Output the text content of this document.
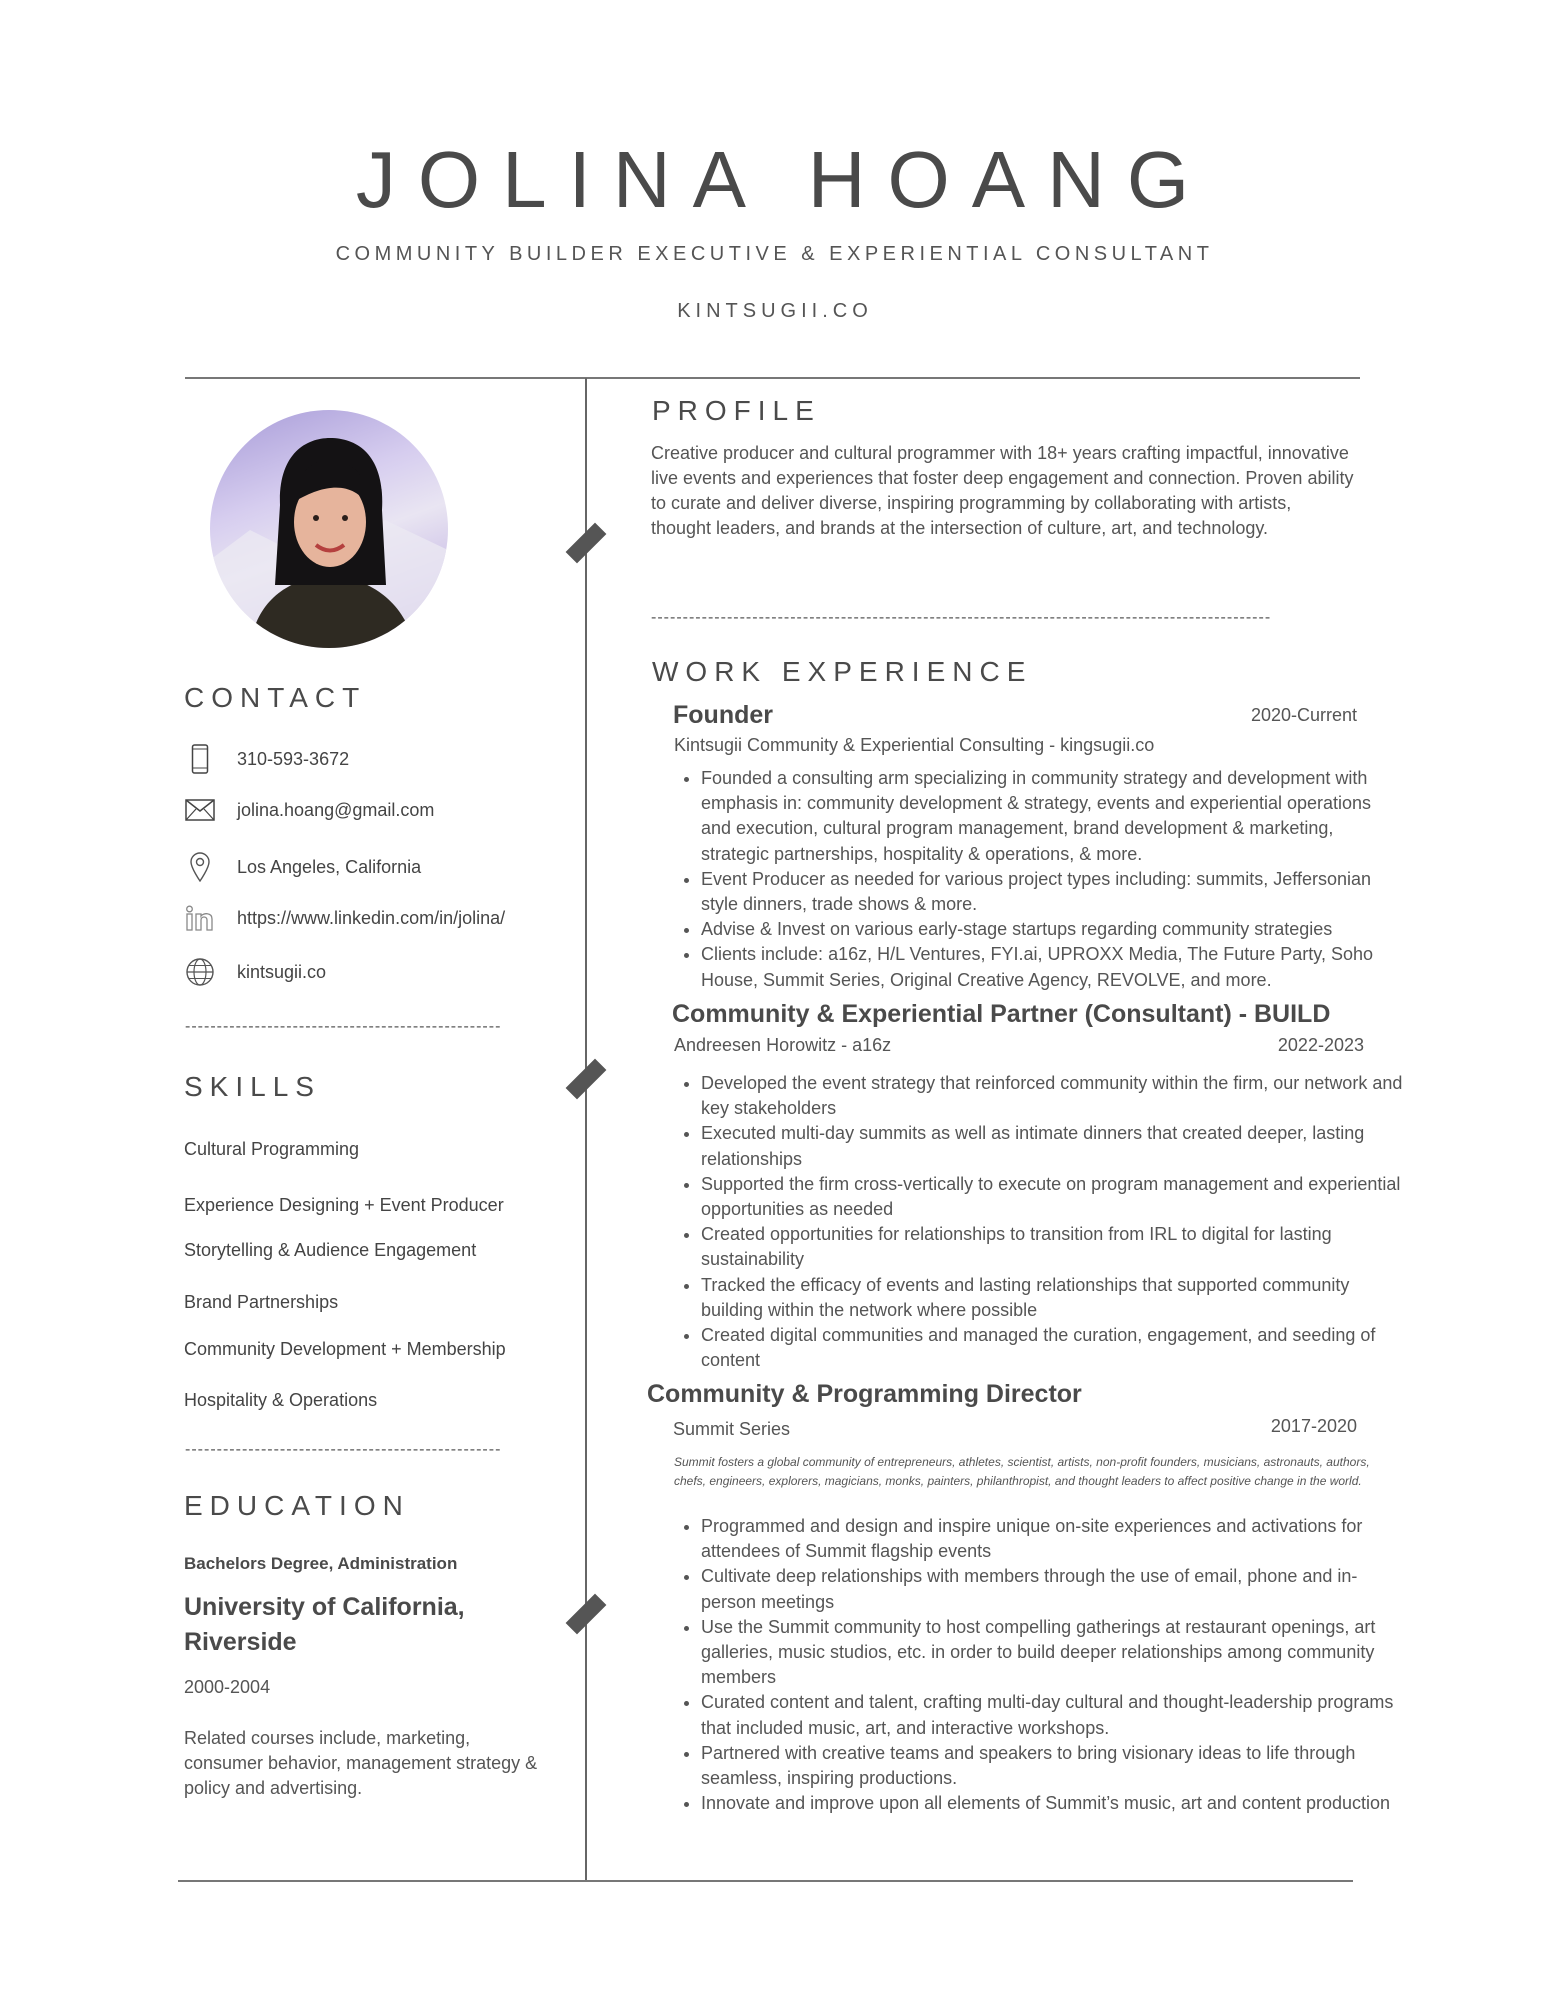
JOLINA HOANG
COMMUNITY BUILDER EXECUTIVE & EXPERIENTIAL CONSULTANT
KINTSUGII.CO
CONTACT
310-593-3672
jolina.hoang@gmail.com
Los Angeles, California
https://www.linkedin.com/in/jolina/
kintsugii.co
--------------------------------------------------
SKILLS
Cultural Programming
Experience Designing + Event Producer
Storytelling & Audience Engagement
Brand Partnerships
Community Development + Membership
Hospitality & Operations
--------------------------------------------------
EDUCATION
Bachelors Degree, Administration
University of California,
Riverside
2000-2004
Related courses include, marketing, consumer behavior, management strategy & policy and advertising.
PROFILE
Creative producer and cultural programmer with 18+ years crafting impactful, innovative live events and experiences that foster deep engagement and connection. Proven ability to curate and deliver diverse, inspiring programming by collaborating with artists, thought leaders, and brands at the intersection of culture, art, and technology.
--------------------------------------------------------------------------------------------------
WORK EXPERIENCE
Founder	2020-Current
Kintsugii Community & Experiential Consulting - kingsugii.co
• Founded a consulting arm specializing in community strategy and development with emphasis in: community development & strategy, events and experiential operations and execution, cultural program management, brand development & marketing, strategic partnerships, hospitality & operations, & more.
• Event Producer as needed for various project types including: summits, Jeffersonian style dinners, trade shows & more.
• Advise & Invest on various early-stage startups regarding community strategies
• Clients include: a16z, H/L Ventures, FYI.ai, UPROXX Media, The Future Party, Soho House, Summit Series, Original Creative Agency, REVOLVE, and more.
Community & Experiential Partner (Consultant) - BUILD
Andreesen Horowitz - a16z	2022-2023
• Developed the event strategy that reinforced community within the firm, our network and key stakeholders
• Executed multi-day summits as well as intimate dinners that created deeper, lasting relationships
• Supported the firm cross-vertically to execute on program management and experiential opportunities as needed
• Created opportunities for relationships to transition from IRL to digital for lasting sustainability
• Tracked the efficacy of events and lasting relationships that supported community building within the network where possible
• Created digital communities and managed the curation, engagement, and seeding of content
Community & Programming Director
2017-2020
Summit Series
Summit fosters a global community of entrepreneurs, athletes, scientist, artists, non-profit founders, musicians, astronauts, authors, chefs, engineers, explorers, magicians, monks, painters, philanthropist, and thought leaders to affect positive change in the world.
• Programmed and design and inspire unique on-site experiences and activations for attendees of Summit flagship events
• Cultivate deep relationships with members through the use of email, phone and in-person meetings
• Use the Summit community to host compelling gatherings at restaurant openings, art galleries, music studios, etc. in order to build deeper relationships among community members
• Curated content and talent, crafting multi-day cultural and thought-leadership programs that included music, art, and interactive workshops.
• Partnered with creative teams and speakers to bring visionary ideas to life through seamless, inspiring productions.
• Innovate and improve upon all elements of Summit’s music, art and content production
